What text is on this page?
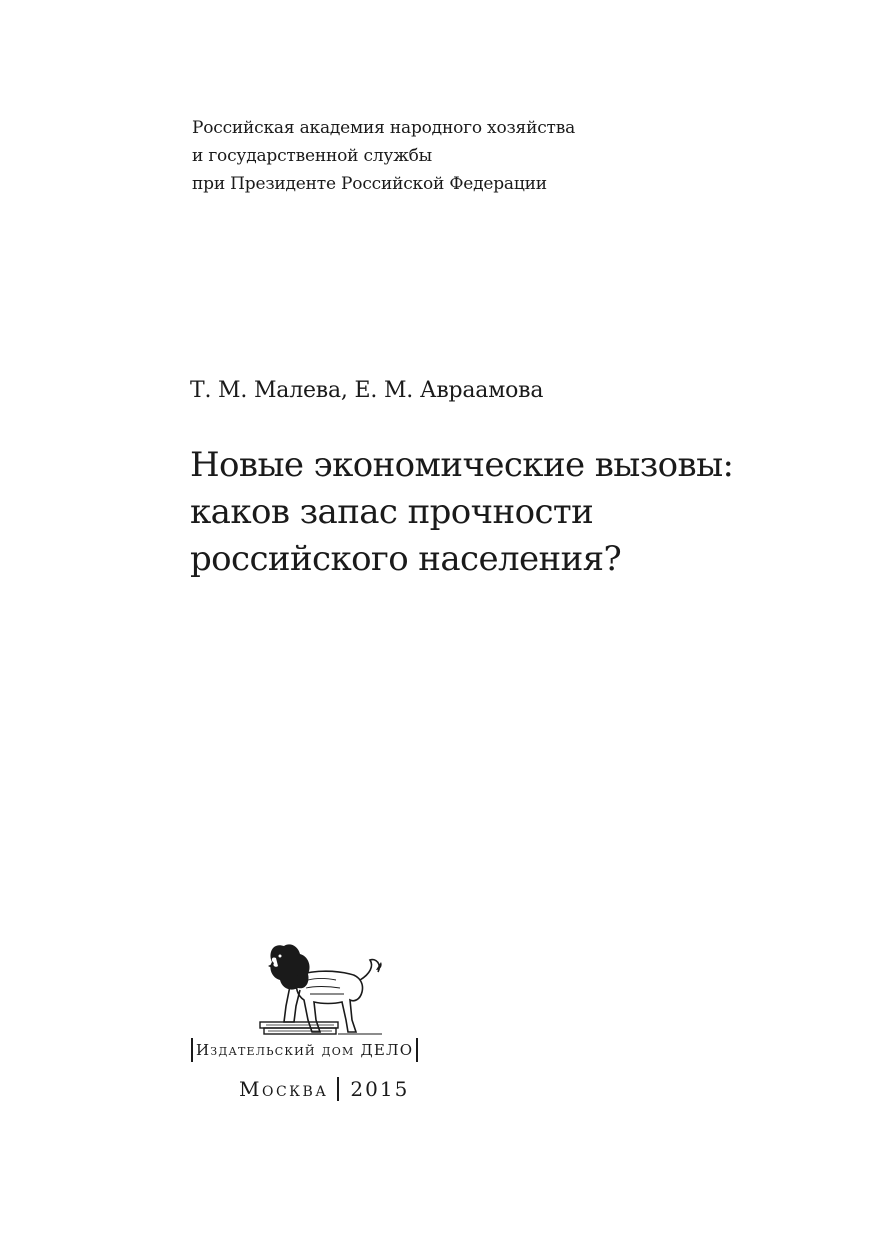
Российская академия народного хозяйства
и государственной службы
при Президенте Российской Федерации
Т. М. Малева, Е. М. Авраамова
Новые экономические вызовы:
каков запас прочности
российского населения?
Издательский дом ДЕЛО
Москва 2015
